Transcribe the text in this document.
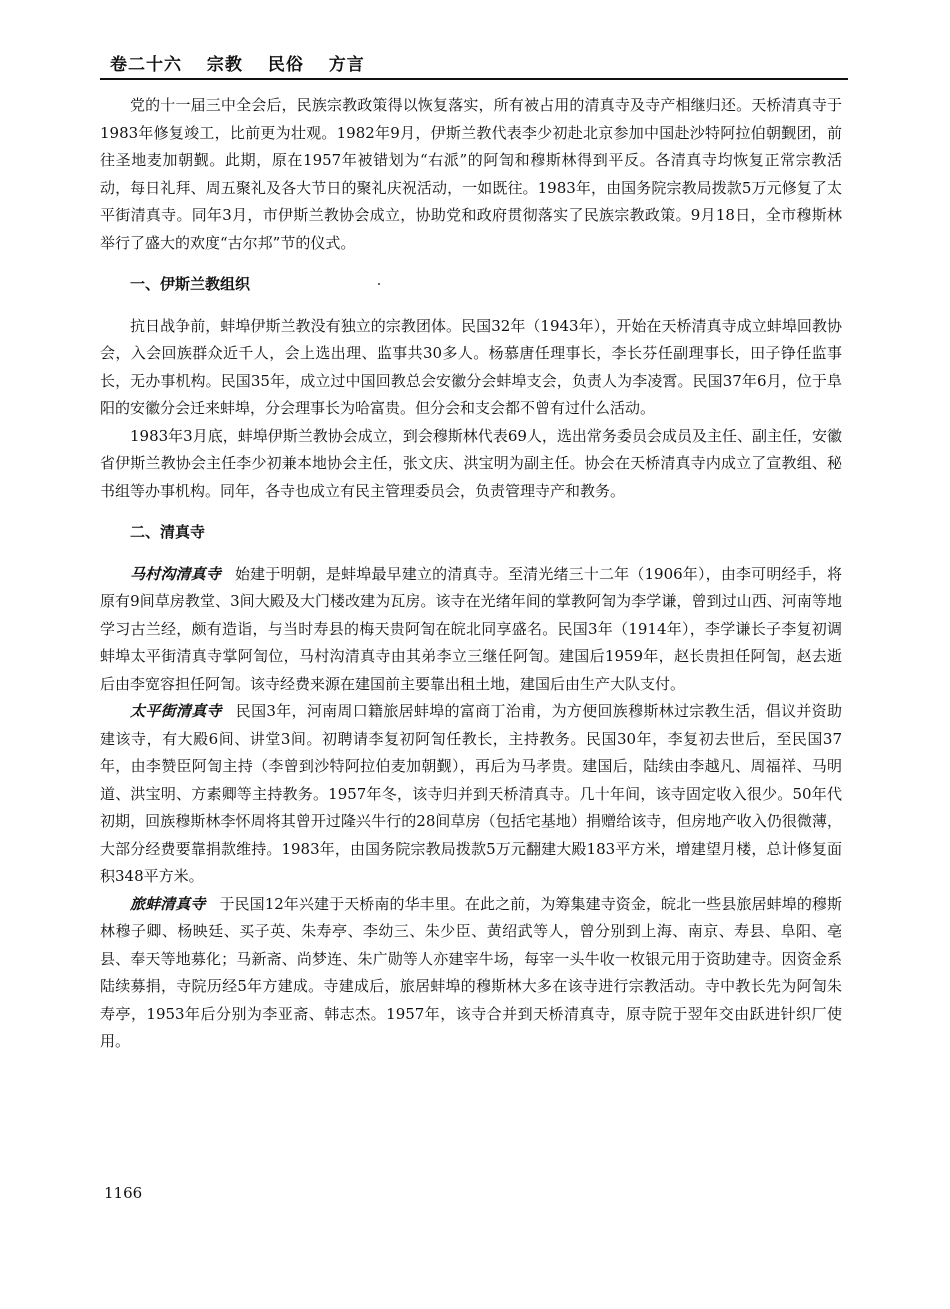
卷二十六 宗教 民俗 方言

党的十一届三中全会后，民族宗教政策得以恢复落实，所有被占用的清真寺及寺产相继归还。天桥清真寺于1983年修复竣工，比前更为壮观。1982年9月，伊斯兰教代表李少初赴北京参加中国赴沙特阿拉伯朝觐团，前往圣地麦加朝觐。此期，原在1957年被错划为“右派”的阿訇和穆斯林得到平反。各清真寺均恢复正常宗教活动，每日礼拜、周五聚礼及各大节日的聚礼庆祝活动，一如既往。1983年，由国务院宗教局拨款5万元修复了太平街清真寺。同年3月，市伊斯兰教协会成立，协助党和政府贯彻落实了民族宗教政策。9月18日，全市穆斯林举行了盛大的欢度“古尔邦”节的仪式。

一、伊斯兰教组织

抗日战争前，蚌埠伊斯兰教没有独立的宗教团体。民国32年（1943年），开始在天桥清真寺成立蚌埠回教协会，入会回族群众近千人，会上选出理、监事共30多人。杨慕唐任理事长，李长芬任副理事长，田子铮任监事长，无办事机构。民国35年，成立过中国回教总会安徽分会蚌埠支会，负责人为李凌霄。民国37年6月，位于阜阳的安徽分会迁来蚌埠，分会理事长为哈富贵。但分会和支会都不曾有过什么活动。

1983年3月底，蚌埠伊斯兰教协会成立，到会穆斯林代表69人，选出常务委员会成员及主任、副主任，安徽省伊斯兰教协会主任李少初兼本地协会主任，张文庆、洪宝明为副主任。协会在天桥清真寺内成立了宣教组、秘书组等办事机构。同年，各寺也成立有民主管理委员会，负责管理寺产和教务。

二、清真寺

马村沟清真寺 始建于明朝，是蚌埠最早建立的清真寺。至清光绪三十二年（1906年），由李可明经手，将原有9间草房教堂、3间大殿及大门楼改建为瓦房。该寺在光绪年间的掌教阿訇为李学谦，曾到过山西、河南等地学习古兰经，颇有造诣，与当时寿县的梅天贵阿訇在皖北同享盛名。民国3年（1914年），李学谦长子李复初调蚌埠太平街清真寺掌阿訇位，马村沟清真寺由其弟李立三继任阿訇。建国后1959年，赵长贵担任阿訇，赵去逝后由李宽容担任阿訇。该寺经费来源在建国前主要靠出租土地，建国后由生产大队支付。

太平街清真寺 民国3年，河南周口籍旅居蚌埠的富商丁治甫，为方便回族穆斯林过宗教生活，倡议并资助建该寺，有大殿6间、讲堂3间。初聘请李复初阿訇任教长，主持教务。民国30年，李复初去世后，至民国37年，由李赞臣阿訇主持（李曾到沙特阿拉伯麦加朝觐），再后为马孝贵。建国后，陆续由李越凡、周福祥、马明道、洪宝明、方素卿等主持教务。1957年冬，该寺归并到天桥清真寺。几十年间，该寺固定收入很少。50年代初期，回族穆斯林李怀周将其曾开过隆兴牛行的28间草房（包括宅基地）捐赠给该寺，但房地产收入仍很微薄，大部分经费要靠捐款维持。1983年，由国务院宗教局拨款5万元翻建大殿183平方米，增建望月楼，总计修复面积348平方米。

旅蚌清真寺 于民国12年兴建于天桥南的华丰里。在此之前，为筹集建寺资金，皖北一些县旅居蚌埠的穆斯林穆子卿、杨映廷、买子英、朱寿亭、李幼三、朱少臣、黄绍武等人，曾分别到上海、南京、寿县、阜阳、亳县、奉天等地募化；马新斋、尚梦连、朱广勋等人亦建宰牛场，每宰一头牛收一枚银元用于资助建寺。因资金系陆续募捐，寺院历经5年方建成。寺建成后，旅居蚌埠的穆斯林大多在该寺进行宗教活动。寺中教长先为阿訇朱寿亭，1953年后分别为李亚斋、韩志杰。1957年，该寺合并到天桥清真寺，原寺院于翌年交由跃进针织厂使用。

1166
